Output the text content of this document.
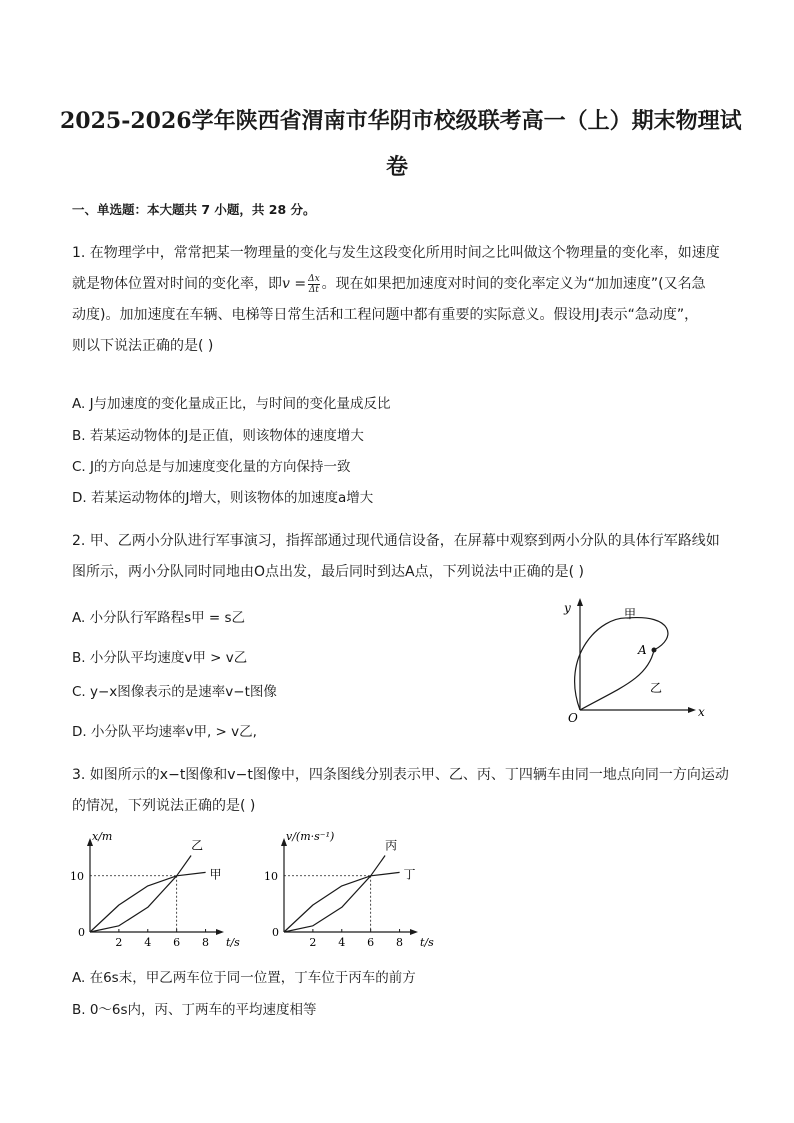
2025-2026学年陕西省渭南市华阴市校级联考高一（上）期末物理试
卷
一、单选题：本大题共 7 小题，共 28 分。
1. 在物理学中，常常把某一物理量的变化与发生这段变化所用时间之比叫做这个物理量的变化率，如速度
就是物体位置对时间的变化率，即$v = \frac{\Delta x}{\Delta t}$ 。现在如果把加速度对时间的变化率定义为“加加速度”(又名急
动度)。加加速度在车辆、电梯等日常生活和工程问题中都有重要的实际意义。假设用J表示“急动度”，
则以下说法正确的是( )
A. J与加速度的变化量成正比，与时间的变化量成反比
B. 若某运动物体的J是正值，则该物体的速度增大
C. J的方向总是与加速度变化量的方向保持一致
D. 若某运动物体的J增大，则该物体的加速度a增大
2. 甲、乙两小分队进行军事演习，指挥部通过现代通信设备，在屏幕中观察到两小分队的具体行军路线如
图所示，两小分队同时同地由O点出发，最后同时到达A点，下列说法中正确的是( )
A. 小分队行军路程s甲 = s乙
B. 小分队平均速度v甲 > v乙
C. y−x图像表示的是速率v−t图像
D. 小分队平均速率v甲, > v乙,
y
x
O
A
甲
乙
3. 如图所示的x−t图像和v−t图像中，四条图线分别表示甲、乙、丙、丁四辆车由同一地点向同一方向运动
的情况，下列说法正确的是( )
x/m
t/s
0
2 4 6 8
10
乙
甲
v/(m·s⁻¹)
t/s
0
2 4 6 8
10
丙
丁
A. 在6s末，甲乙两车位于同一位置，丁车位于丙车的前方
B. 0～6s内，丙、丁两车的平均速度相等
